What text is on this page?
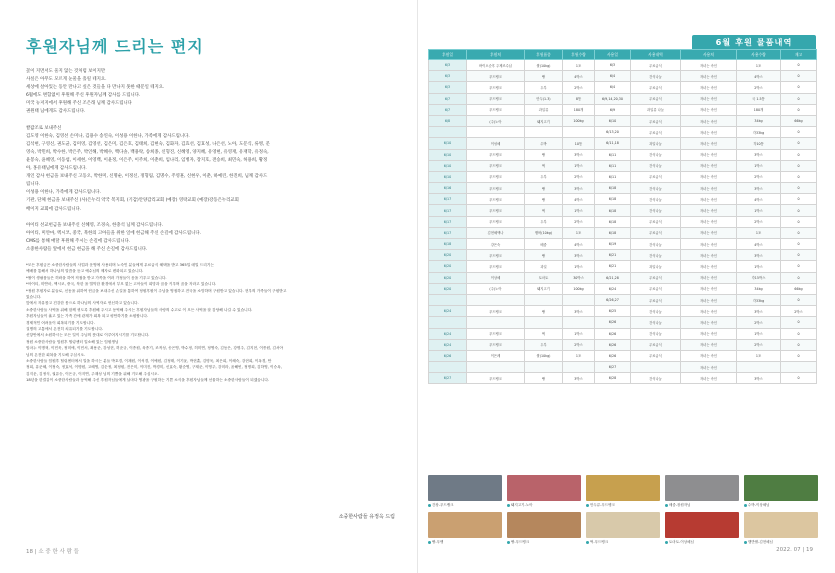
후원자님께 드리는 편지
꽃이 지면서도 울지 않는 것처럼 보이지만
사실은 아무도 모르게 눈물을 흘릴 테지요.
세상에 살아있는 동안 만나고 싶은 것들을 다 만나지 못한 때문일 테지요.
6월에도 변함없이 후원해 주신 후원자님께 감사를 드립니다.
미국 뉴저지에서 후원해 주신 조은래 님께 감사드립니다
권원태 님에게도 감사드립니다.
쌀값조로 보내주신
김도영 이한숙, 김영선 손미나, 김용수 송연숙, 이성용 이한나, 가족에게 감사드립니다.
김석현, 구영신, 권도균, 김미영, 김영선, 김은미, 김은호, 김태희, 김현숙, 김화자, 김효선, 김효성, 나은선, 노아, 도문식, 류병, 문
영숙, 박민희, 박수한, 박은주, 박인해, 박혜수, 백다솔, 백용락, 송희종, 신형진, 신혜영, 양지혜, 유영현, 유영재, 유재학, 유정숙,
윤봉숙, 윤혜영, 이동섭, 이세현, 이영백, 이윤정, 이은주, 이주희, 이춘희, 임나리, 임병자, 장지호, 전승희, 최민숙, 허용희, 황정
아, 홍유태님에게 감사드립니다.
개인 감사 현금을 보내주신 고동오, 박한미, 신명순, 이정신, 정형림, 김명수, 주영훈, 신현우, 이춘, 하예린, 한진희, 님께 감사드
립니다.
이성용 이한나, 가족에게 감사드립니다.
기관, 단체 현금을 보내주신 (사)은누리 약국 복지회, (기감)안양감리교회 (예장) 영락교회 (예장)강동은누리교회
배이지 교회에 감사드립니다.
아이티 선교헌금을 보내주신 신혜영, 조경숙, 한충석 님께 감사드립니다.
아이티, 미얀마, 멕시코, 중국, 북한의 고아들을 위한 일에 헌금해 주신 손길에 감사드립니다.
CMS를 통해 매달 후원해 주시는 손길에 감사드립니다.
소중한사람들 앞에서 헌금 현금을 해 주신 손길에 감사드립니다.
*모든 후원금은 소중한사람들의 사업과 운영에 사용되며 노숙인 분들에게 무료급식 혜택을 받고 365일 매일 드리기는
예배를 통해서 하나님의 말씀을 듣고 예수님의 제자로 변화되고 있습니다.
*쌀이 생필품들은 허락을 하여 직접을 받고 가족을 여러 가정들이 음을 기우고 있습니다.
*아이티, 미얀마, 멕시코, 중국, 북한 을 열악한 환경에서 부모 없는 고아들이 희망과 꿈을 키우며 꿈을 자라고 있습니다.
*정원 후원자로 분들로, 신동을 위하여 헌금을 보내주신 손길을 통하여 정원후원이 주님을 영접하고 전국을 소망하며 구원받고 있습니다. 현우의 가족들이 구원받고
있습니다.
앞에서 자유롭고 건강한 몸으로 하나님의 사역자로 헌신하고 있습니다.
소중한사람들 사역을 위해 함께 귀도록 후원해 주시고 동역해 주시는 후원자님들의 사랑의 수고로 이 모든 사역을 잘 감당해 나갈 수 있습니다.
후원자님들이 흘고 있는 가족 간에 관계가 회복 되고 평안하기를 소원합니다.
경제적인 어려움이 회복되기를 기도합니다.
질병의 고통에서 온전히 치유되기를 기도합니다.
신앙안에서 소원하시는 모든 일이 주님의 뜻대로 이루어지시기를 기도합니다.
정원 소중한사람들 임원후 힐링센터 입소해 있는 임원생님
임마누 이병혁, 이민욱, 정미애, 이민서, 최용준, 강성현, 허준규, 이종원, 육종기, 조적성, 송은영, 박수정, 허미연, 정영숙, 김동은, 강명주, 김지현, 이종원, 김서아
님의 온전한 회복을 기도해 주십시오.
소중한사람들 임원후 힐링센터에서 일을 하시는 분들 박호경, 이재원, 이석경, 이예원, 김정태, 이기윤, 박현훈, 김명욱, 최은희, 이혜숙, 강현희, 이옥경, 안
정희, 유준혜, 이정숙, 정효석, 이명원, 고혜영, 김순정, 최정원, 전은미, 이미진, 박경미, 신효숙, 황순영, 구재준, 이영주, 강미라, 윤해빈, 정명희, 김하영, 이승옥,
김지운, 김정식, 권유승, 이은규, 이지연, 주재성 님의 기쁨을 위해 기도해 주십시오.
18년을 한결같이 소중한사람들과 동역해 주신 후원자님들에게 날마다 영광을 구원하는 기쁜 소식을 후원자님들께 선물하는 소중한사람들이 되겠습니다.
소중한사람들 유정옥 드림
18 | 소 중 한 사 람 들
6월 후원 물품내역
후원일	후원처	후원품종	후원수량	사용일	사용내역	사용처	사용수량	재고
6/3	바이오순후 주제조수납	쌀(10kg)	1포	6/3	무료급식	자녀는 속인	1포	0
6/3	푸드뱅크	빵	4박스	6/4	간식나눔	자녀는 속인	4박스	0
6/3	푸드뱅크	두부	2박스	6/4	무료급식	자녀는 속인	2박스	0
6/7	푸드뱅크	만두(1.3)	8통	6/9,14,20,30	무료급식	자녀는 속인	국 1.5통	0
6/7	푸드뱅크	과일류	180개	6/9	과일류 나눔	자녀는 속인	180개	0
6/8	(주)노아	돼지고기	100kg	6/10	무료급식	자녀는 속인	34kg	66kg
				6/13,20	무료급식	자녀는 속인	각33kg	0
6/10	이성혜	수박	10통	6/11,18	과일나눔	자녀는 속인	각10통	0
6/10	푸드뱅크	빵	3박스	6/11	간식나눔	자녀는 속인	3박스	0
6/10	푸드뱅크	떡	1박스	6/11	간식나눔	자녀는 속인	1박스	0
6/10	푸드뱅크	두부	2박스	6/11	무료급식	자녀는 속인	2박스	0
6/16	푸드뱅크	빵	3박스	6/18	간식나눔	자녀는 속인	3박스	0
6/17	푸드뱅크	빵	4박스	6/18	간식나눔	자녀는 속인	4박스	0
6/17	푸드뱅크	떡	1박스	6/18	간식나눔	자녀는 속인	1박스	0
6/17	푸드뱅크	두부	2박스	6/18	무료급식	자녀는 속인	2박스	0
6/17	김현혜액나	햄버(10kg)	1포	6/18	무료급식	자녀는 속인	1포	0
6/18	강은숙	배즙	4박스	6/19	간식나눔	자녀는 속인	4박스	0
6/20	푸드뱅크	빵	3박스	6/21	간식나눔	자녀는 속인	3박스	0
6/20	푸드뱅크	과일	1박스	6/21	과일나눔	자녀는 속인	1박스	0
6/20	이상혜	토마토	30박스	6/21,28	무료급식	자녀는 속인	각15박스	0
6/20	(주)노아	돼지고기	100kg	6/24	무료급식	자녀는 속인	34kg	66kg
				6/26,27	무료급식	자녀는 속인	각33kg	0
6/24	푸드뱅크	빵	3박스	6/25	간식나눔	자녀는 속인	3박스	2박스
				6/26	간식나눔	자녀는 속인	2박스	0
6/24	푸드뱅크	떡	1박스	6/26	간식나눔	자녀는 속인	1박스	0
6/24	푸드뱅크	두부	2박스	6/26	무료급식	자녀는 속인	2박스	0
6/26	이은례	쌀(10kg)	1포	6/26	무료급식	자녀는 속인	1포	0
				6/27		자녀는 속인		
6/27	푸드뱅크	빵	3박스	6/28	간식나눔	자녀는 속인	3박스	0
간장-푸드뱅크	돼지고기-노아	만두류-푸드뱅크	배즙-장원자님	수박-이상혜님
빵-푸뱅	빵-푸드뱅크	떡-푸드뱅크	토마토-이상혜님	햇반쌀-김현혜님
2022. 07 | 19
